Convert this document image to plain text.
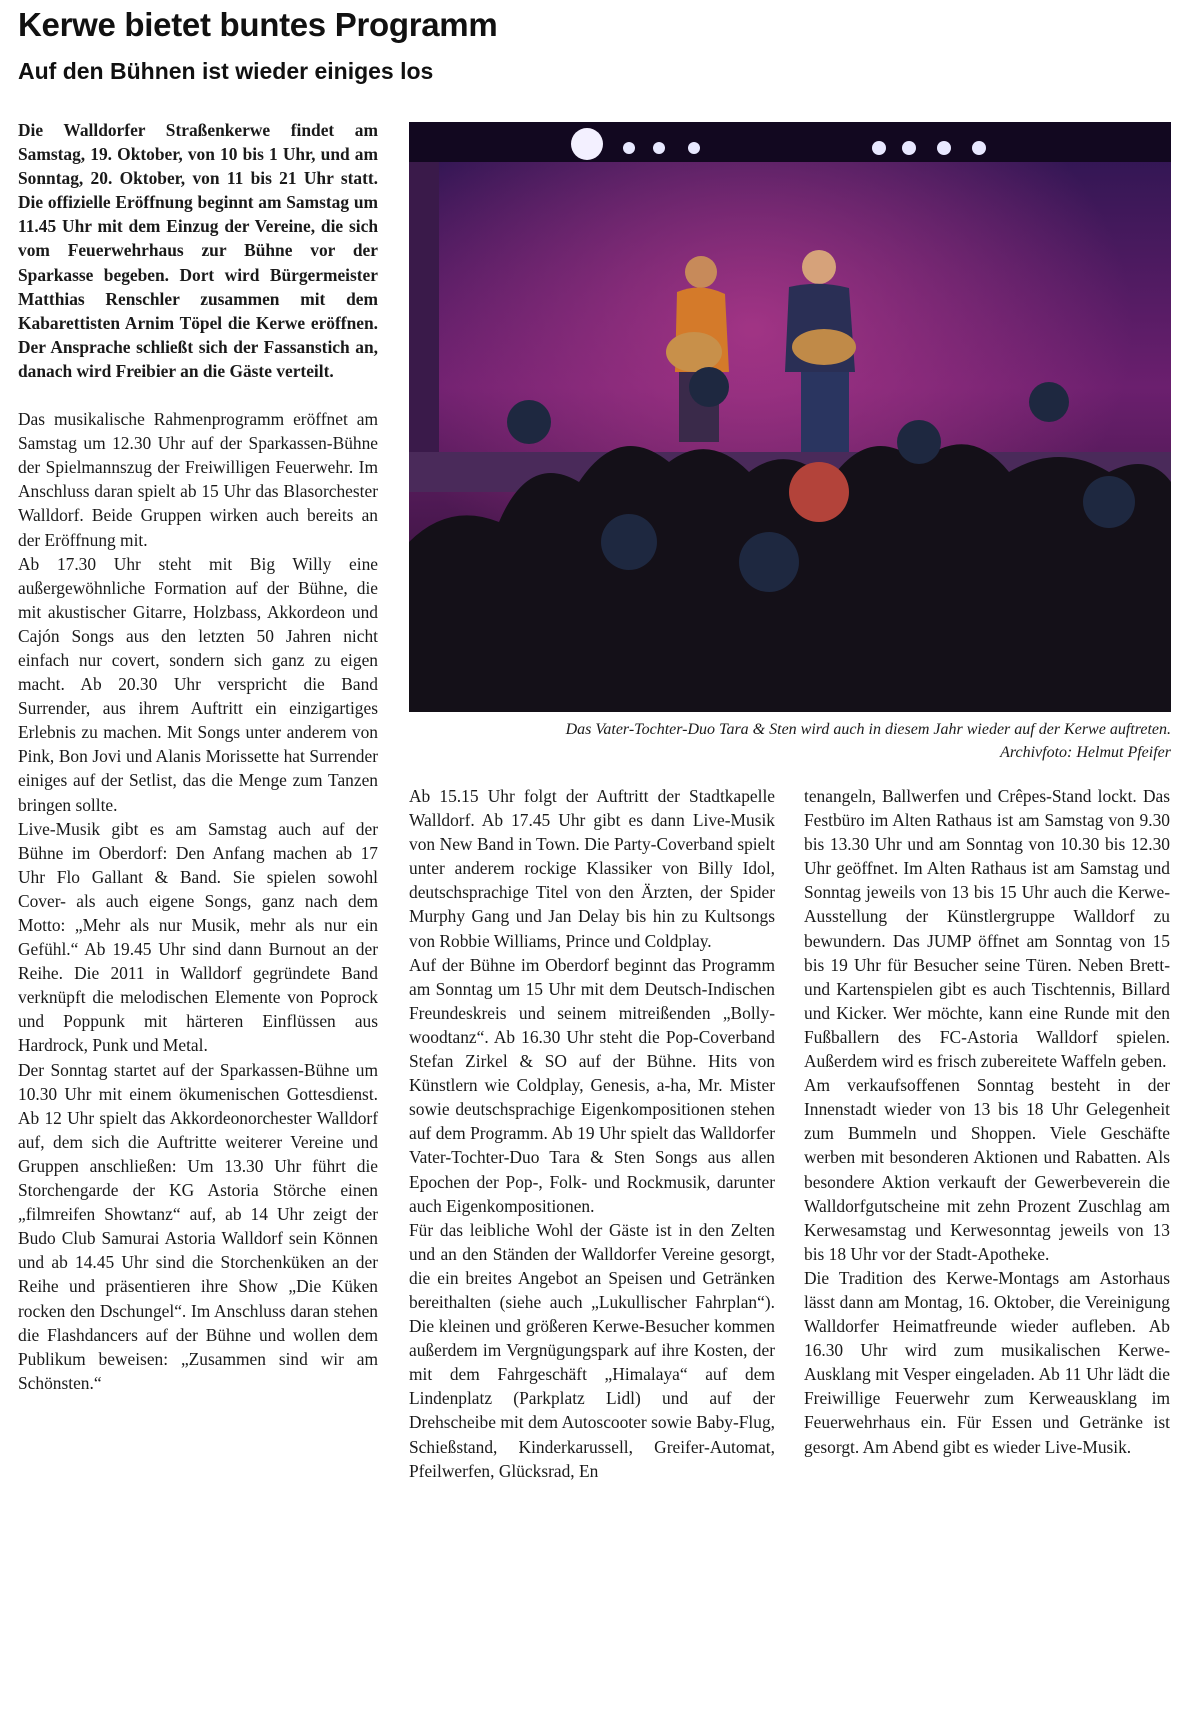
Kerwe bietet buntes Programm
Auf den Bühnen ist wieder einiges los

Die Walldorfer Straßenkerwe findet am Samstag, 19. Oktober, von 10 bis 1 Uhr, und am Sonntag, 20. Oktober, von 11 bis 21 Uhr statt. Die offizielle Eröffnung beginnt am Samstag um 11.45 Uhr mit dem Einzug der Vereine, die sich vom Feuerwehrhaus zur Bühne vor der Sparkasse begeben. Dort wird Bürgermeister Matthias Renschler zusammen mit dem Kabarettisten Arnim Töpel die Kerwe eröffnen. Der Ansprache schließt sich der Fassanstich an, danach wird Freibier an die Gäste verteilt.

Das musikalische Rahmenprogramm eröffnet am Samstag um 12.30 Uhr auf der Sparkassen-Bühne der Spielmannszug der Freiwilligen Feuerwehr. Im Anschluss daran spielt ab 15 Uhr das Blasorchester Walldorf. Beide Gruppen wirken auch bereits an der Eröffnung mit.

Ab 17.30 Uhr steht mit Big Willy eine außergewöhnliche Formation auf der Bühne, die mit akustischer Gitarre, Holzbass, Akkordeon und Cajón Songs aus den letzten 50 Jahren nicht einfach nur covert, sondern sich ganz zu eigen macht. Ab 20.30 Uhr verspricht die Band Surrender, aus ihrem Auftritt ein einzigartiges Erlebnis zu machen. Mit Songs unter anderem von Pink, Bon Jovi und Alanis Morissette hat Surrender einiges auf der Setlist, das die Menge zum Tanzen bringen sollte.

Live-Musik gibt es am Samstag auch auf der Bühne im Oberdorf: Den Anfang machen ab 17 Uhr Flo Gallant & Band. Sie spielen sowohl Cover- als auch eigene Songs, ganz nach dem Motto: „Mehr als nur Musik, mehr als nur ein Gefühl.“ Ab 19.45 Uhr sind dann Burnout an der Reihe. Die 2011 in Walldorf gegründete Band verknüpft die melodischen Elemente von Poprock und Poppunk mit härteren Einflüssen aus Hardrock, Punk und Metal.

Der Sonntag startet auf der Sparkassen-Bühne um 10.30 Uhr mit einem ökumenischen Gottesdienst. Ab 12 Uhr spielt das Akkordeonorchester Walldorf auf, dem sich die Auftritte weiterer Vereine und Gruppen anschließen: Um 13.30 Uhr führt die Storchengarde der KG Astoria Störche einen „filmreifen Showtanz“ auf, ab 14 Uhr zeigt der Budo Club Samurai Astoria Walldorf sein Können und ab 14.45 Uhr sind die Storchenküken an der Reihe und präsentieren ihre Show „Die Küken rocken den Dschungel“. Im Anschluss daran stehen die Flashdancers auf der Bühne und wollen dem Publikum beweisen: „Zusammen sind wir am Schönsten.“

Das Vater-Tochter-Duo Tara & Sten wird auch in diesem Jahr wieder auf der Kerwe auftreten.
Archivfoto: Helmut Pfeifer

Ab 15.15 Uhr folgt der Auftritt der Stadtkapelle Walldorf. Ab 17.45 Uhr gibt es dann Live-Musik von New Band in Town. Die Party-Coverband spielt unter anderem rockige Klassiker von Billy Idol, deutschsprachige Titel von den Ärzten, der Spider Murphy Gang und Jan Delay bis hin zu Kultsongs von Robbie Williams, Prince und Coldplay.

Auf der Bühne im Oberdorf beginnt das Programm am Sonntag um 15 Uhr mit dem Deutsch-Indischen Freundeskreis und seinem mitreißenden „Bollywoodtanz“. Ab 16.30 Uhr steht die Pop-Coverband Stefan Zirkel & SO auf der Bühne. Hits von Künstlern wie Coldplay, Genesis, a-ha, Mr. Mister sowie deutschsprachige Eigenkompositionen stehen auf dem Programm. Ab 19 Uhr spielt das Walldorfer Vater-Tochter-Duo Tara & Sten Songs aus allen Epochen der Pop-, Folk- und Rockmusik, darunter auch Eigenkompositionen.

Für das leibliche Wohl der Gäste ist in den Zelten und an den Ständen der Walldorfer Vereine gesorgt, die ein breites Angebot an Speisen und Getränken bereithalten (siehe auch „Lukullischer Fahrplan“). Die kleinen und größeren Kerwe-Besucher kommen außerdem im Vergnügungspark auf ihre Kosten, der mit dem Fahrgeschäft „Himalaya“ auf dem Lindenplatz (Parkplatz Lidl) und auf der Drehscheibe mit dem Autoscooter sowie Baby-Flug, Schießstand, Kinderkarussell, Greifer-Automat, Pfeilwerfen, Glücksrad, En

tenangeln, Ballwerfen und Crêpes-Stand lockt. Das Festbüro im Alten Rathaus ist am Samstag von 9.30 bis 13.30 Uhr und am Sonntag von 10.30 bis 12.30 Uhr geöffnet. Im Alten Rathaus ist am Samstag und Sonntag jeweils von 13 bis 15 Uhr auch die Kerwe-Ausstellung der Künstlergruppe Walldorf zu bewundern. Das JUMP öffnet am Sonntag von 15 bis 19 Uhr für Besucher seine Türen. Neben Brett- und Kartenspielen gibt es auch Tischtennis, Billard und Kicker. Wer möchte, kann eine Runde mit den Fußballern des FC-Astoria Walldorf spielen. Außerdem wird es frisch zubereitete Waffeln geben.

Am verkaufsoffenen Sonntag besteht in der Innenstadt wieder von 13 bis 18 Uhr Gelegenheit zum Bummeln und Shoppen. Viele Geschäfte werben mit besonderen Aktionen und Rabatten. Als besondere Aktion verkauft der Gewerbeverein die Walldorfgutscheine mit zehn Prozent Zuschlag am Kerwesamstag und Kerwesonntag jeweils von 13 bis 18 Uhr vor der Stadt-Apotheke.

Die Tradition des Kerwe-Montags am Astorhaus lässt dann am Montag, 16. Oktober, die Vereinigung Walldorfer Heimatfreunde wieder aufleben. Ab 16.30 Uhr wird zum musikalischen Kerwe-Ausklang mit Vesper eingeladen. Ab 11 Uhr lädt die Freiwillige Feuerwehr zum Kerweausklang im Feuerwehrhaus ein. Für Essen und Getränke ist gesorgt. Am Abend gibt es wieder Live-Musik.
